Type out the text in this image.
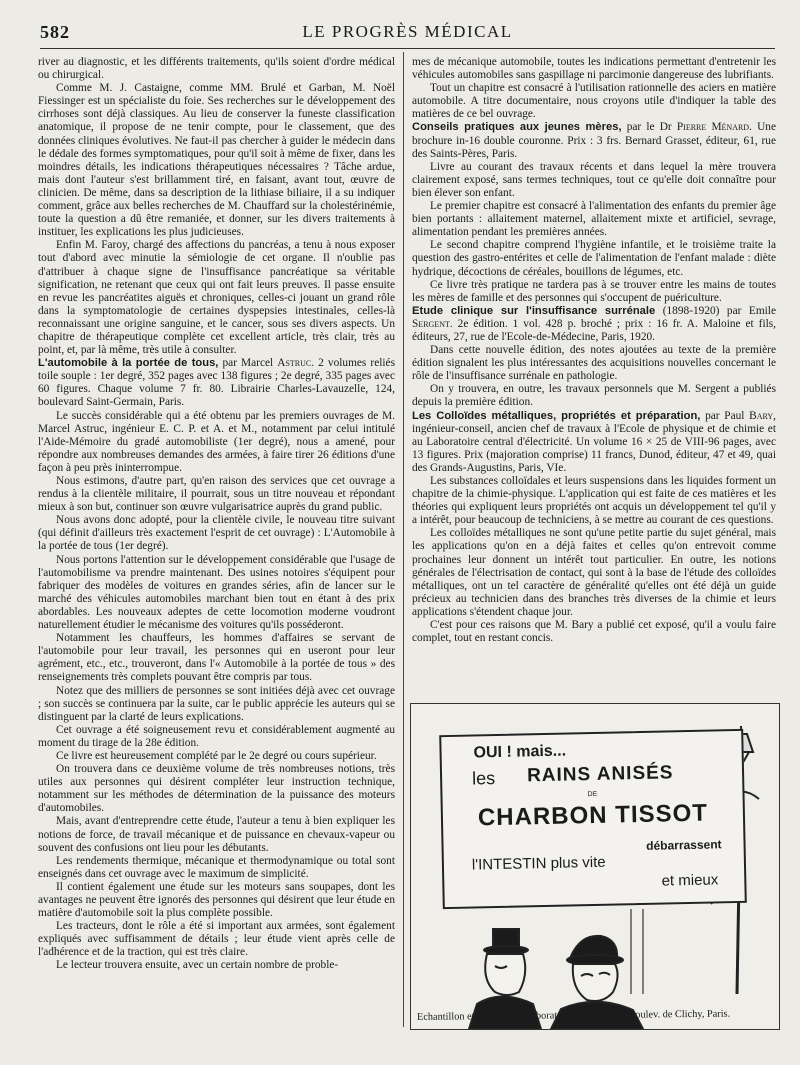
582	LE PROGRÈS MÉDICAL

river au diagnostic, et les différents traitements, qu'ils soient d'ordre médical ou chirurgical.

Comme M. J. Castaigne, comme MM. Brulé et Garban, M. Noël Fiessinger est un spécialiste du foie. Ses recherches sur le développement des cirrhoses sont déjà classiques. Au lieu de conserver la funeste classification anatomique, il propose de ne tenir compte, pour le classement, que des données cliniques évolutives. Ne faut-il pas chercher à guider le médecin dans le dédale des formes symptomatiques, pour qu'il soit à même de fixer, dans les moindres détails, les indications thérapeutiques nécessaires ? Tâche ardue, mais dont l'auteur s'est brillamment tiré, en faisant, avant tout, œuvre de clinicien. De même, dans sa description de la lithiase biliaire, il a su indiquer comment, grâce aux belles recherches de M. Chauffard sur la cholestérinémie, toute la question a dû être remaniée, et donner, sur les divers traitements à instituer, les explications les plus judicieuses.

Enfin M. Faroy, chargé des affections du pancréas, a tenu à nous exposer tout d'abord avec minutie la sémiologie de cet organe. Il n'oublie pas d'attribuer à chaque signe de l'insuffisance pancréatique sa véritable signification, ne retenant que ceux qui ont fait leurs preuves. Il passe ensuite en revue les pancréatites aiguës et chroniques, celles-ci jouant un grand rôle dans la symptomatologie de certaines dyspepsies intestinales, celles-là reconnaissant une origine sanguine, et le cancer, sous ses divers aspects. Un chapitre de thérapeutique complète cet excellent article, très clair, très au point, et, par là même, très utile à consulter.

L'automobile à la portée de tous, par Marcel Astruc. 2 volumes reliés toile souple : 1er degré, 352 pages avec 138 figures ; 2e degré, 335 pages avec 60 figures. Chaque volume 7 fr. 80. Librairie Charles-Lavauzelle, 124, boulevard Saint-Germain, Paris.

Le succès considérable qui a été obtenu par les premiers ouvrages de M. Marcel Astruc, ingénieur E. C. P. et A. et M., notamment par celui intitulé l'Aide-Mémoire du gradé automobiliste (1er degré), nous a amené, pour répondre aux nombreuses demandes des armées, à faire tirer 26 éditions d'une façon à peu près ininterrompue.

Nous estimons, d'autre part, qu'en raison des services que cet ouvrage a rendus à la clientèle militaire, il pourrait, sous un titre nouveau et répondant mieux à son but, continuer son œuvre vulgarisatrice auprès du grand public.

Nous avons donc adopté, pour la clientèle civile, le nouveau titre suivant (qui définit d'ailleurs très exactement l'esprit de cet ouvrage) : L'Automobile à la portée de tous (1er degré).

Nous portons l'attention sur le développement considérable que l'usage de l'automobilisme va prendre maintenant. Des usines notoires s'équipent pour fabriquer des modèles de voitures en grandes séries, afin de lancer sur le marché des véhicules automobiles marchant bien tout en étant à des prix abordables. Les nouveaux adeptes de cette locomotion moderne voudront naturellement étudier le mécanisme des voitures qu'ils posséderont.

Notamment les chauffeurs, les hommes d'affaires se servant de l'automobile pour leur travail, les personnes qui en useront pour leur agrément, etc., etc., trouveront, dans l'« Automobile à la portée de tous » des renseignements très complets pouvant être compris par tous.

Notez que des milliers de personnes se sont initiées déjà avec cet ouvrage ; son succès se continuera par la suite, car le public apprécie les auteurs qui se distinguent par la clarté de leurs explications.

Cet ouvrage a été soigneusement revu et considérablement augmenté au moment du tirage de la 28e édition.

Ce livre est heureusement complété par le 2e degré ou cours supérieur.

On trouvera dans ce deuxième volume de très nombreuses notions, très utiles aux personnes qui désirent compléter leur instruction technique, notamment sur les méthodes de détermination de la puissance des moteurs d'automobiles.

Mais, avant d'entreprendre cette étude, l'auteur a tenu à bien expliquer les notions de force, de travail mécanique et de puissance en chevaux-vapeur ou souvent des confusions ont lieu pour les débutants.

Les rendements thermique, mécanique et thermodynamique ou total sont enseignés dans cet ouvrage avec le maximum de simplicité.

Il contient également une étude sur les moteurs sans soupapes, dont les avantages ne peuvent être ignorés des personnes qui désirent que leur étude en matière d'automobile soit la plus complète possible.

Les tracteurs, dont le rôle a été si important aux armées, sont également expliqués avec suffisamment de détails ; leur étude vient après celle de l'adhérence et de la traction, qui est très claire.

Le lecteur trouvera ensuite, avec un certain nombre de proble-

mes de mécanique automobile, toutes les indications permettant d'entretenir les véhicules automobiles sans gaspillage ni parcimonie dangereuse des lubrifiants.

Tout un chapitre est consacré à l'utilisation rationnelle des aciers en matière automobile. A titre documentaire, nous croyons utile d'indiquer la table des matières de ce bel ouvrage.

Conseils pratiques aux jeunes mères, par le Dr Pierre Ménard. Une brochure in-16 double couronne. Prix : 3 frs. Bernard Grasset, éditeur, 61, rue des Saints-Pères, Paris.

Livre au courant des travaux récents et dans lequel la mère trouvera clairement exposé, sans termes techniques, tout ce qu'elle doit connaître pour bien élever son enfant.

Le premier chapitre est consacré à l'alimentation des enfants du premier âge bien portants : allaitement maternel, allaitement mixte et artificiel, sevrage, alimentation pendant les premières années.

Le second chapitre comprend l'hygiène infantile, et le troisième traite la question des gastro-entérites et celle de l'alimentation de l'enfant malade : diète hydrique, décoctions de céréales, bouillons de légumes, etc.

Ce livre très pratique ne tardera pas à se trouver entre les mains de toutes les mères de famille et des personnes qui s'occupent de puériculture.

Etude clinique sur l'insuffisance surrénale (1898-1920) par Emile Sergent. 2e édition. 1 vol. 428 p. broché ; prix : 16 fr. A. Maloine et fils, éditeurs, 27, rue de l'Ecole-de-Médecine, Paris, 1920.

Dans cette nouvelle édition, des notes ajoutées au texte de la première édition signalent les plus intéressantes des acquisitions nouvelles concernant le rôle de l'insuffisance surrénale en pathologie.

On y trouvera, en outre, les travaux personnels que M. Sergent a publiés depuis la première édition.

Les Colloïdes métalliques, propriétés et préparation, par Paul Bary, ingénieur-conseil, ancien chef de travaux à l'Ecole de physique et de chimie et au Laboratoire central d'électricité. Un volume 16 × 25 de VIII-96 pages, avec 13 figures. Prix (majoration comprise) 11 francs, Dunod, éditeur, 47 et 49, quai des Grands-Augustins, Paris, VIe.

Les substances colloïdales et leurs suspensions dans les liquides forment un chapitre de la chimie-physique. L'application qui est faite de ces matières et les théories qui expliquent leurs propriétés ont acquis un développement tel qu'il y a intérêt, pour beaucoup de techniciens, à se mettre au courant de ces questions.

Les colloïdes métalliques ne sont qu'une petite partie du sujet général, mais les applications qu'on en a déjà faites et celles qu'on entrevoit comme prochaines leur donnent un intérêt tout particulier. En outre, les notions générales de l'électrisation de contact, qui sont à la base de l'étude des colloïdes métalliques, ont un tel caractère de généralité qu'elles ont été déjà un guide précieux au technicien dans des branches très diverses de la chimie et leurs applications s'étendent chaque jour.

C'est pour ces raisons que M. Bary a publié cet exposé, qu'il a voulu faire complet, tout en restant concis.

OUI ! mais...
les RAINS ANISÉS
DE
CHARBON TISSOT
débarrassent
l'INTESTIN plus vite
et mieux
Echantillon et littérature : Laboratoire TISSOT, 34, boulev. de Clichy, Paris.
